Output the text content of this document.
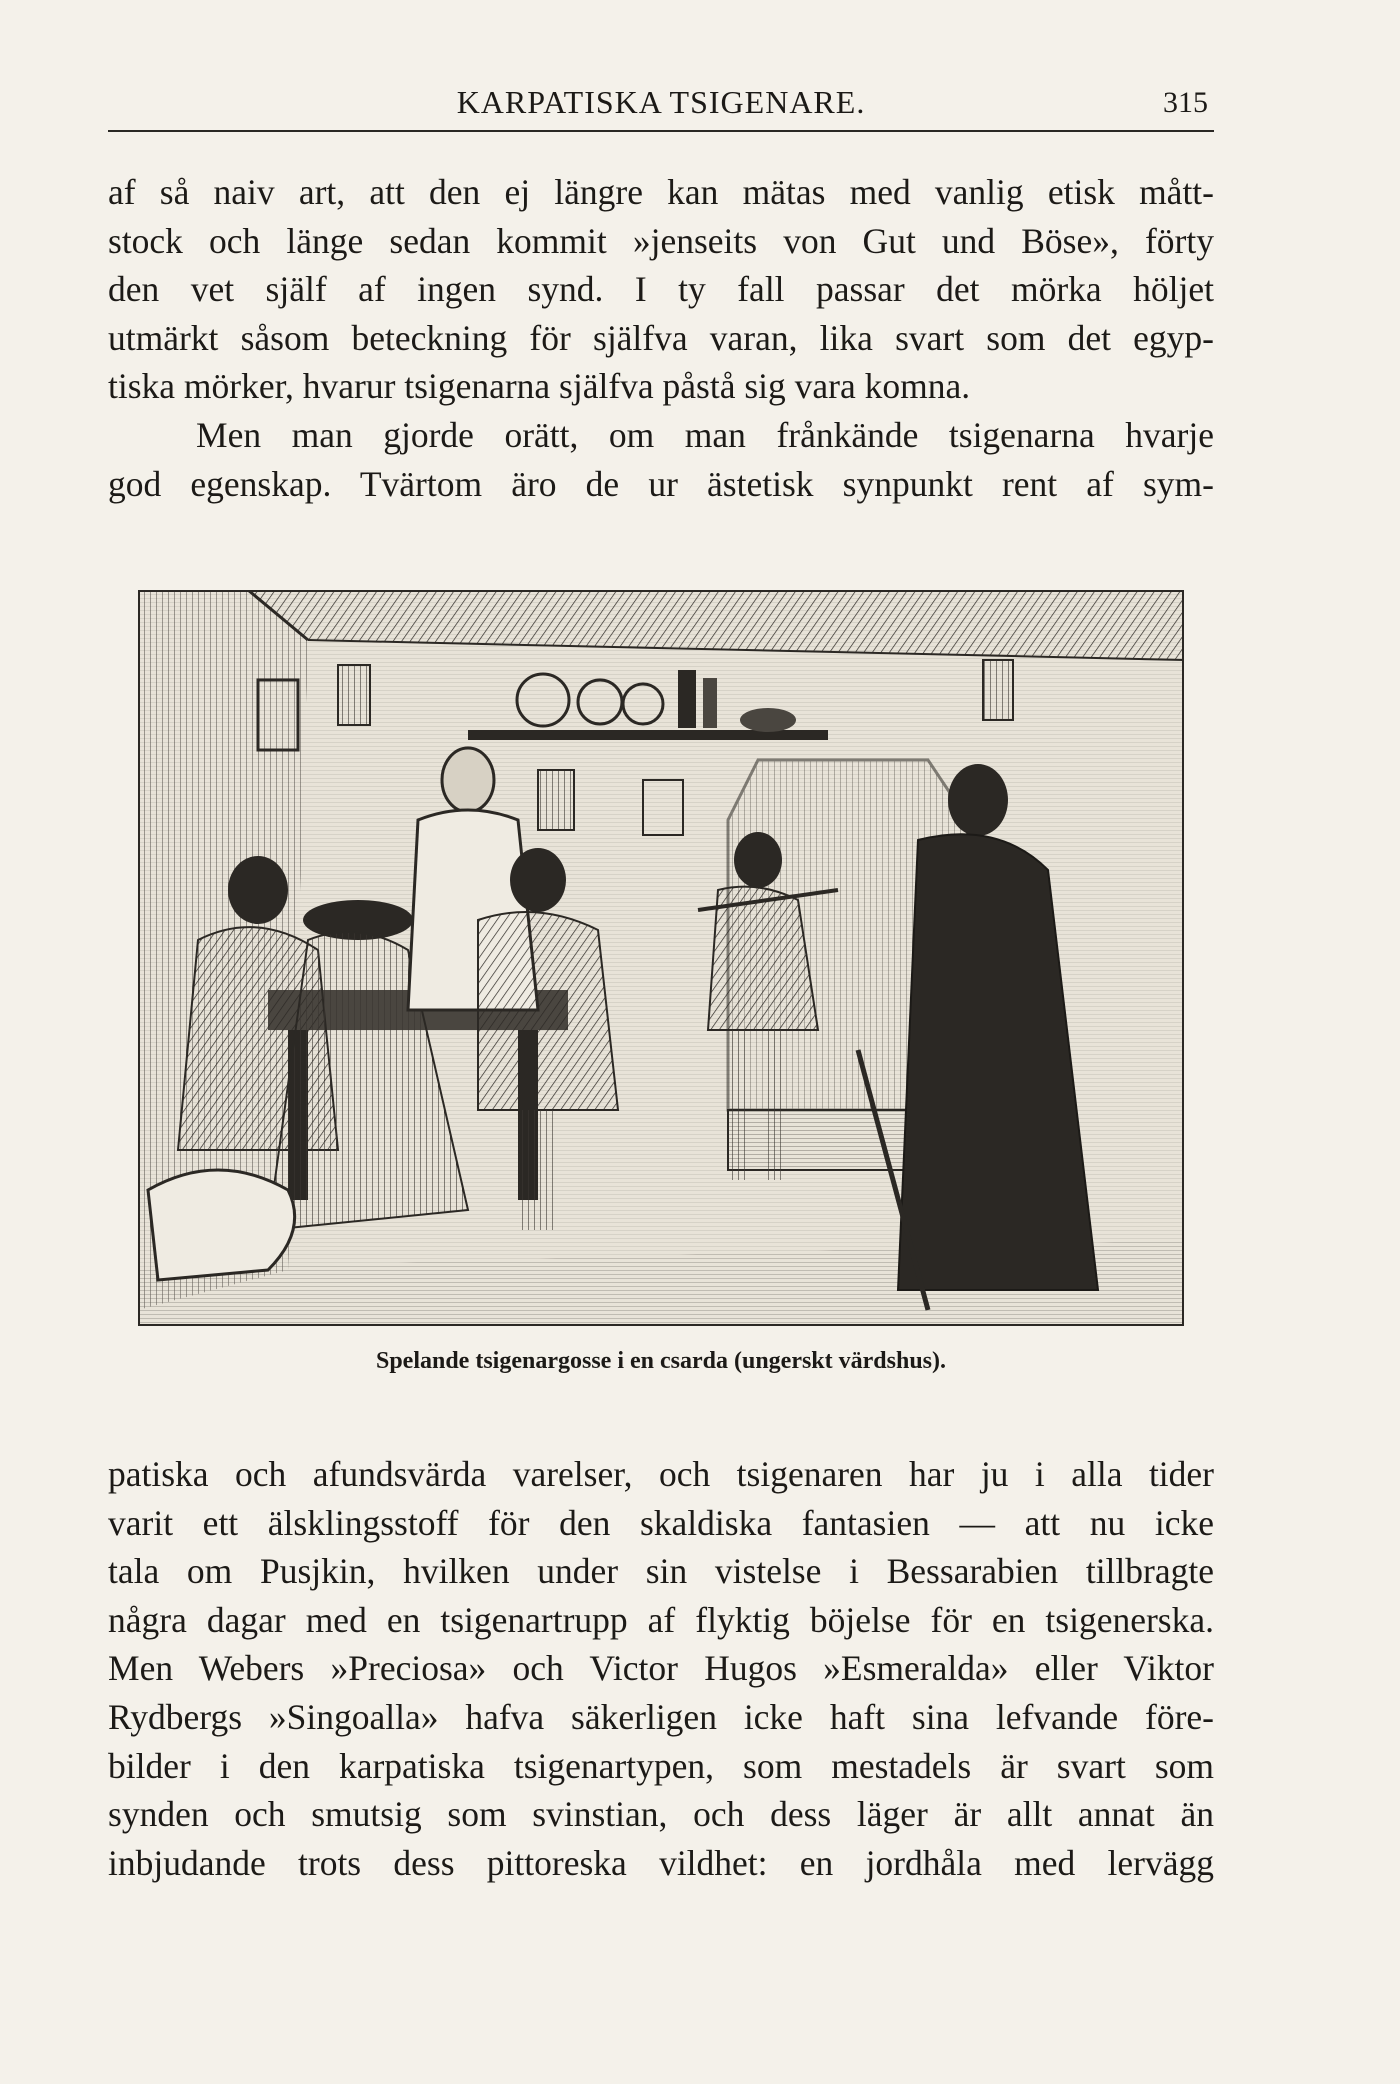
KARPATISKA TSIGENARE.	315
af så naiv art, att den ej längre kan mätas med vanlig etisk mått-
stock och länge sedan kommit »jenseits von Gut und Böse», förty
den vet själf af ingen synd. I ty fall passar det mörka höljet
utmärkt såsom beteckning för själfva varan, lika svart som det egyp-
tiska mörker, hvarur tsigenarna själfva påstå sig vara komna.
Men man gjorde orätt, om man frånkände tsigenarna hvarje
god egenskap. Tvärtom äro de ur ästetisk synpunkt rent af sym-
Spelande tsigenargosse i en csarda (ungerskt värdshus).
patiska och afundsvärda varelser, och tsigenaren har ju i alla tider
varit ett älsklingsstoff för den skaldiska fantasien — att nu icke
tala om Pusjkin, hvilken under sin vistelse i Bessarabien tillbragte
några dagar med en tsigenartrupp af flyktig böjelse för en tsigenerska.
Men Webers »Preciosa» och Victor Hugos »Esmeralda» eller Viktor
Rydbergs »Singoalla» hafva säkerligen icke haft sina lefvande före-
bilder i den karpatiska tsigenartypen, som mestadels är svart som
synden och smutsig som svinstian, och dess läger är allt annat än
inbjudande trots dess pittoreska vildhet: en jordhåla med lervägg
